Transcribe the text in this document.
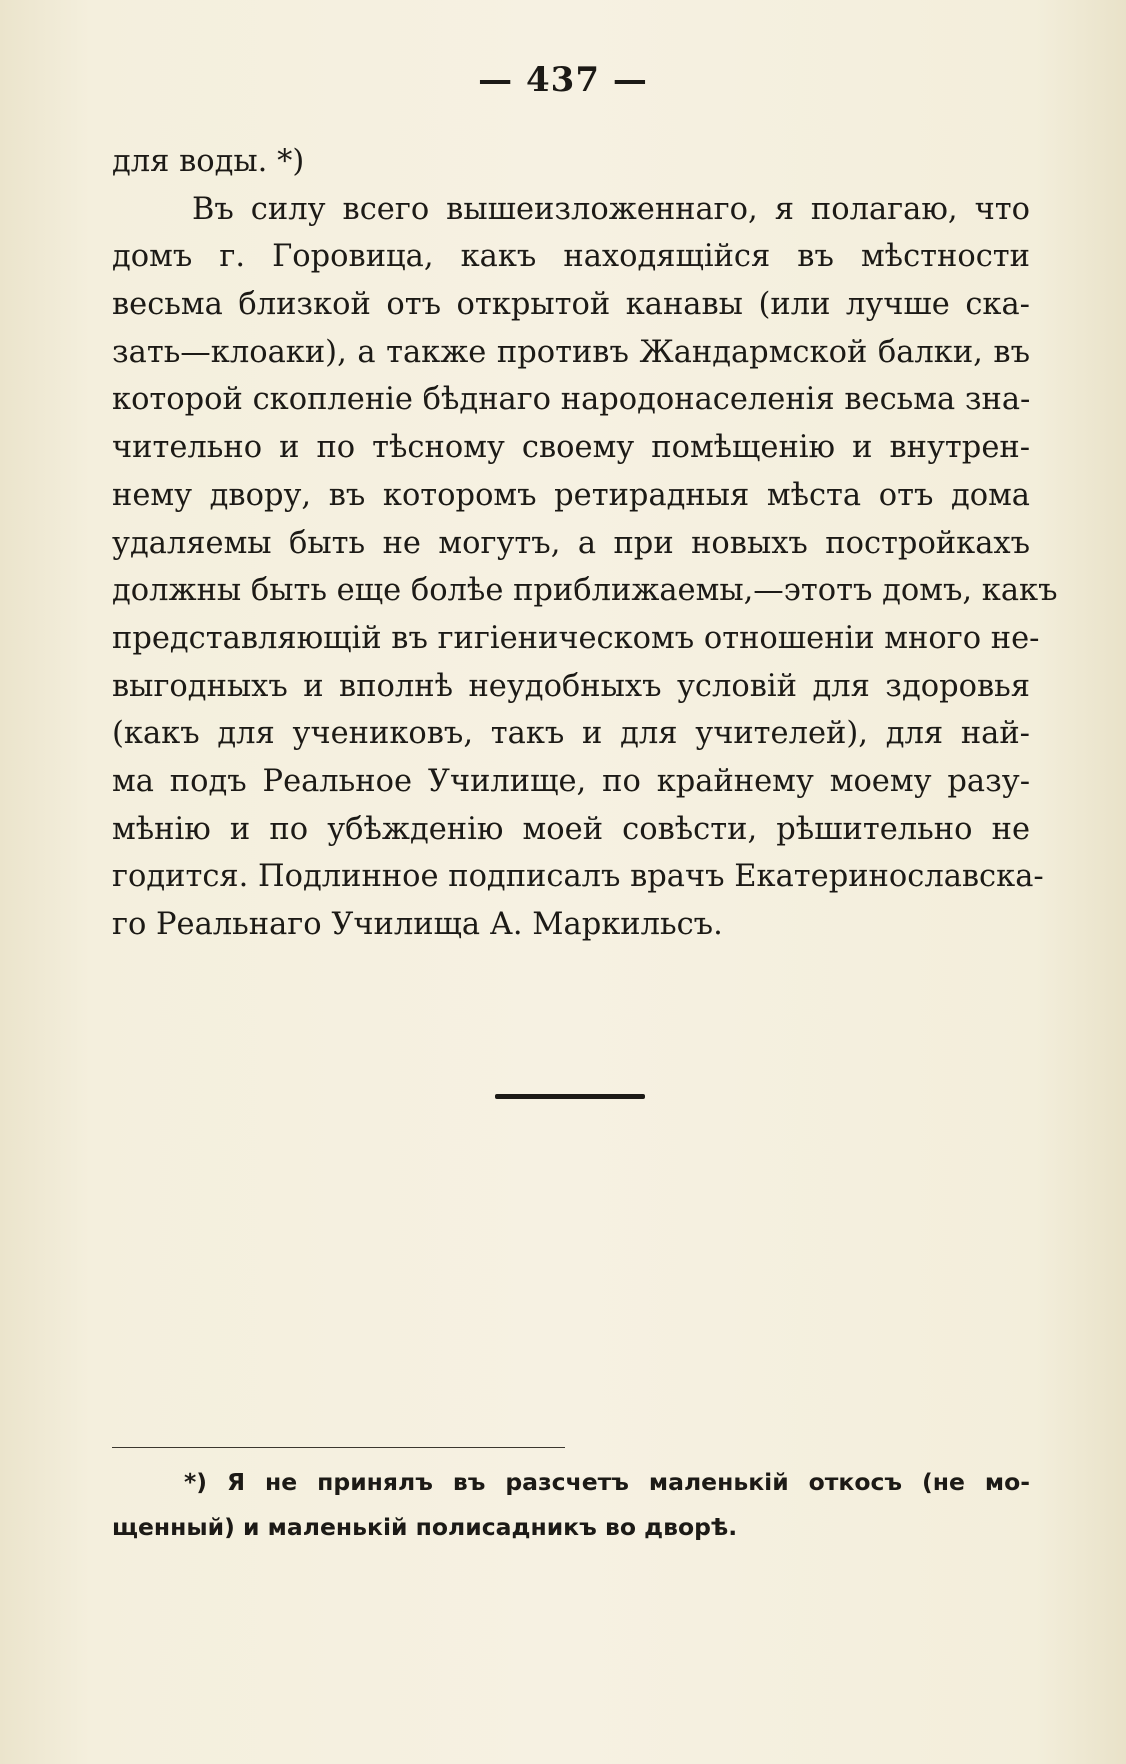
— 437 —
для воды. *)
Въ силу всего вышеизложеннаго, я полагаю, что
домъ г. Горовица, какъ находящійся въ мѣстности
весьма близкой отъ открытой канавы (или лучше ска-
зать—клоаки), а также противъ Жандармской балки, въ
которой скопленіе бѣднаго народонаселенія весьма зна-
чительно и по тѣсному своему помѣщенію и внутрен-
нему двору, въ которомъ ретирадныя мѣста отъ дома
удаляемы быть не могутъ, а при новыхъ постройкахъ
должны быть еще болѣе приближаемы,—этотъ домъ, какъ
представляющій въ гигіеническомъ отношеніи много не-
выгодныхъ и вполнѣ неудобныхъ условій для здоровья
(какъ для учениковъ, такъ и для учителей), для най-
ма подъ Реальное Училище, по крайнему моему разу-
мѣнію и по убѣжденію моей совѣсти, рѣшительно не
годится. Подлинное подписалъ врачъ Екатеринославска-
го Реальнаго Училища А. Маркильсъ.
*) Я не принялъ въ разсчетъ маленькій откосъ (не мо-
щенный) и маленькій полисадникъ во дворѣ.
